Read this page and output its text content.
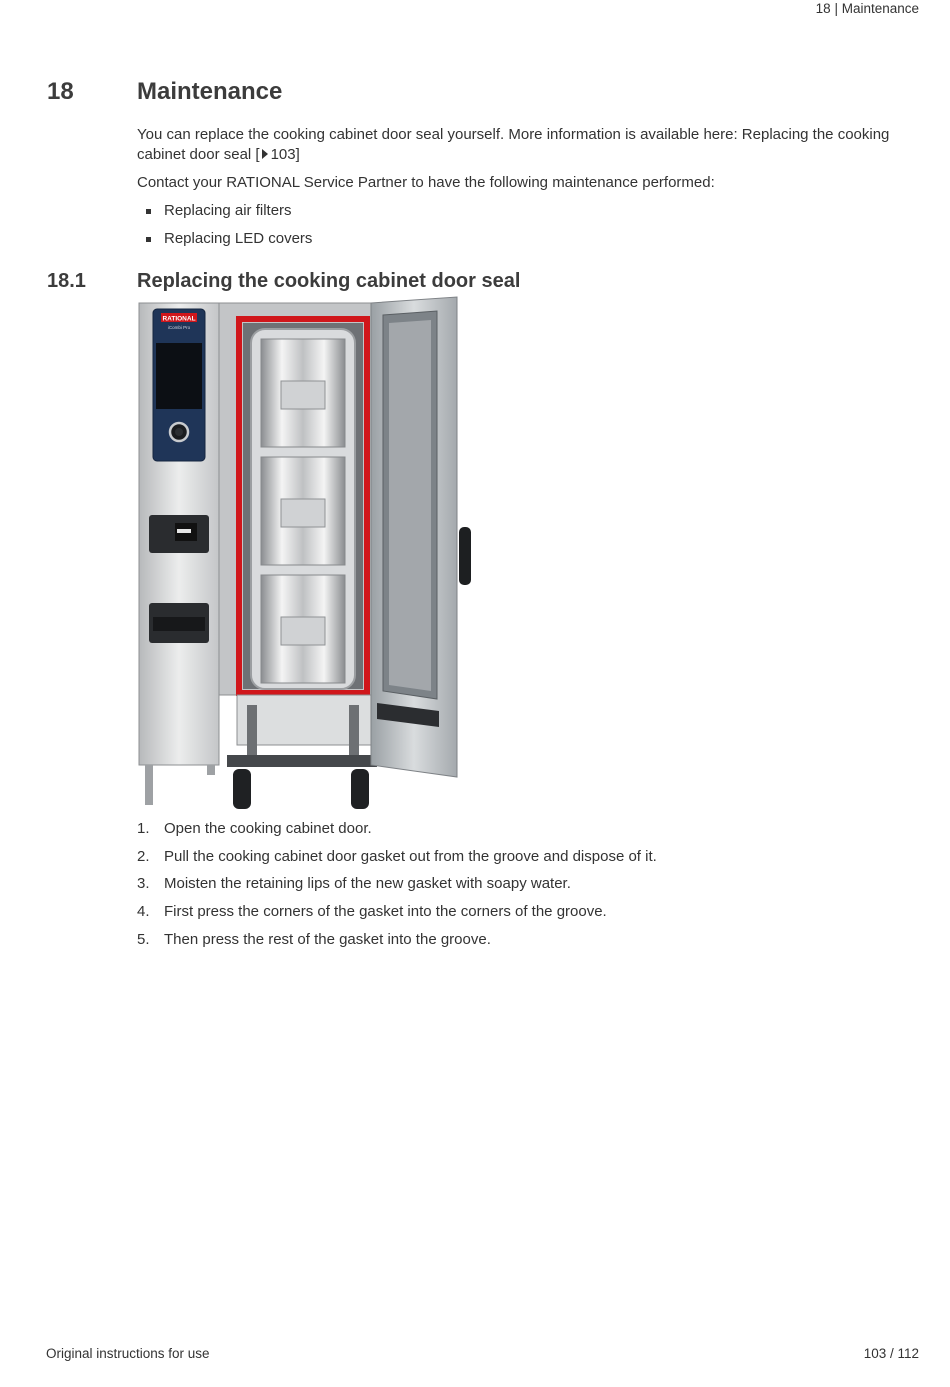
18 | Maintenance
18	Maintenance
You can replace the cooking cabinet door seal yourself. More information is available here: Replacing the cooking cabinet door seal [ 103]
Contact your RATIONAL Service Partner to have the following maintenance performed:
Replacing air filters
Replacing LED covers
18.1	Replacing the cooking cabinet door seal
RATIONAL
iCombi Pro
1. Open the cooking cabinet door.
2. Pull the cooking cabinet door gasket out from the groove and dispose of it.
3. Moisten the retaining lips of the new gasket with soapy water.
4. First press the corners of the gasket into the corners of the groove.
5. Then press the rest of the gasket into the groove.
Original instructions for use	103 / 112
